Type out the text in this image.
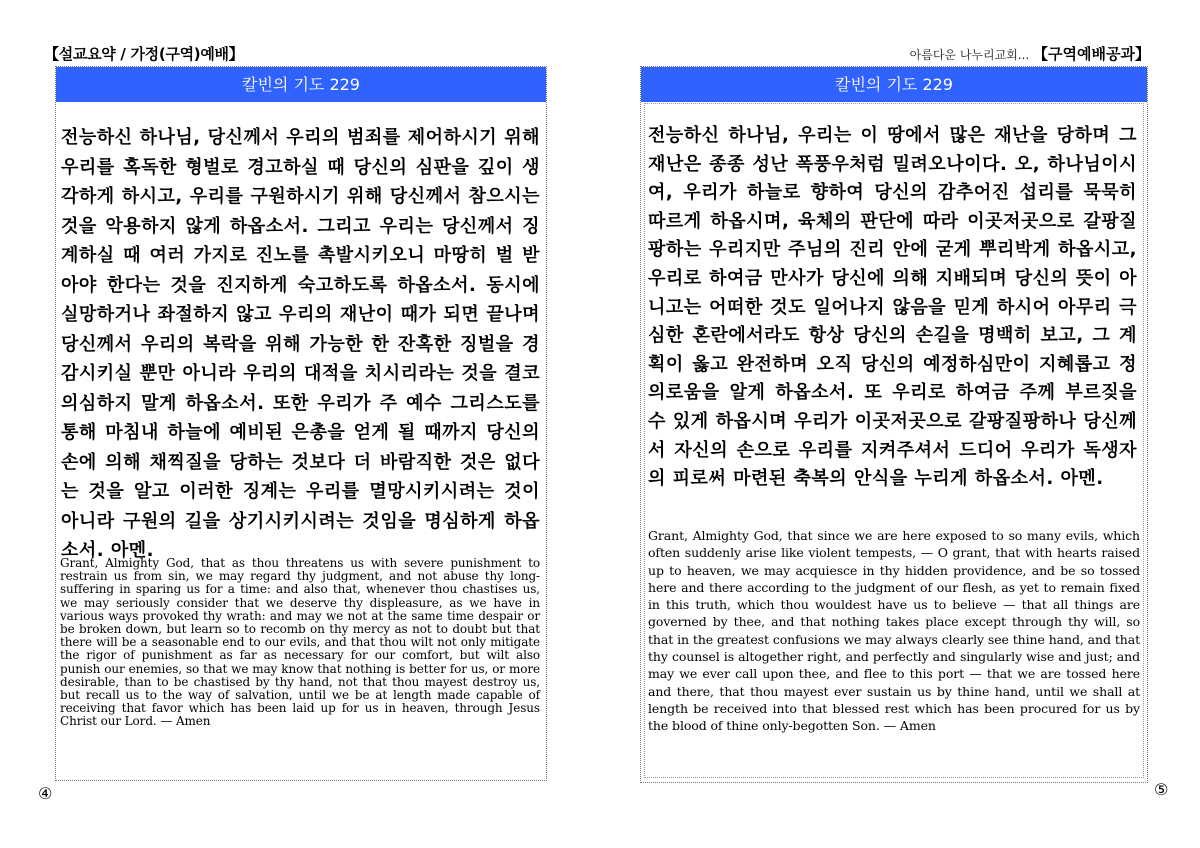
【설교요약 / 가정(구역)예배】	아름다운 나누리교회... 【구역예배공과】
칼빈의 기도 229
전능하신 하나님, 당신께서 우리의 범죄를 제어하시기 위해 우리를 혹독한 형벌로 경고하실 때 당신의 심판을 깊이 생각하게 하시고, 우리를 구원하시기 위해 당신께서 참으시는 것을 악용하지 않게 하옵소서. 그리고 우리는 당신께서 징계하실 때 여러 가지로 진노를 촉발시키오니 마땅히 벌 받아야 한다는 것을 진지하게 숙고하도록 하옵소서. 동시에 실망하거나 좌절하지 않고 우리의 재난이 때가 되면 끝나며 당신께서 우리의 복락을 위해 가능한 한 잔혹한 징벌을 경감시키실 뿐만 아니라 우리의 대적을 치시리라는 것을 결코 의심하지 말게 하옵소서. 또한 우리가 주 예수 그리스도를 통해 마침내 하늘에 예비된 은총을 얻게 될 때까지 당신의 손에 의해 채찍질을 당하는 것보다 더 바람직한 것은 없다는 것을 알고 이러한 징계는 우리를 멸망시키시려는 것이 아니라 구원의 길을 상기시키시려는 것임을 명심하게 하옵소서. 아멘.
Grant, Almighty God, that as thou threatens us with severe punishment to restrain us from sin, we may regard thy judgment, and not abuse thy long-suffering in sparing us for a time: and also that, whenever thou chastises us, we may seriously consider that we deserve thy displeasure, as we have in various ways provoked thy wrath: and may we not at the same time despair or be broken down, but learn so to recomb on thy mercy as not to doubt but that there will be a seasonable end to our evils, and that thou wilt not only mitigate the rigor of punishment as far as necessary for our comfort, but wilt also punish our enemies, so that we may know that nothing is better for us, or more desirable, than to be chastised by thy hand, not that thou mayest destroy us, but recall us to the way of salvation, until we be at length made capable of receiving that favor which has been laid up for us in heaven, through Jesus Christ our Lord. — Amen
칼빈의 기도 229
전능하신 하나님, 우리는 이 땅에서 많은 재난을 당하며 그 재난은 종종 성난 폭풍우처럼 밀려오나이다. 오, 하나님이시여, 우리가 하늘로 향하여 당신의 감추어진 섭리를 묵묵히 따르게 하옵시며, 육체의 판단에 따라 이곳저곳으로 갈팡질팡하는 우리지만 주님의 진리 안에 굳게 뿌리박게 하옵시고, 우리로 하여금 만사가 당신에 의해 지배되며 당신의 뜻이 아니고는 어떠한 것도 일어나지 않음을 믿게 하시어 아무리 극심한 혼란에서라도 항상 당신의 손길을 명백히 보고, 그 계획이 옳고 완전하며 오직 당신의 예정하심만이 지혜롭고 정의로움을 알게 하옵소서. 또 우리로 하여금 주께 부르짖을 수 있게 하옵시며 우리가 이곳저곳으로 갈팡질팡하나 당신께서 자신의 손으로 우리를 지켜주셔서 드디어 우리가 독생자의 피로써 마련된 축복의 안식을 누리게 하옵소서. 아멘.
Grant, Almighty God, that since we are here exposed to so many evils, which often suddenly arise like violent tempests, — O grant, that with hearts raised up to heaven, we may acquiesce in thy hidden providence, and be so tossed here and there according to the judgment of our flesh, as yet to remain fixed in this truth, which thou wouldest have us to believe — that all things are governed by thee, and that nothing takes place except through thy will, so that in the greatest confusions we may always clearly see thine hand, and that thy counsel is altogether right, and perfectly and singularly wise and just; and may we ever call upon thee, and flee to this port — that we are tossed here and there, that thou mayest ever sustain us by thine hand, until we shall at length be received into that blessed rest which has been procured for us by the blood of thine only-begotten Son. — Amen
④	⑤
